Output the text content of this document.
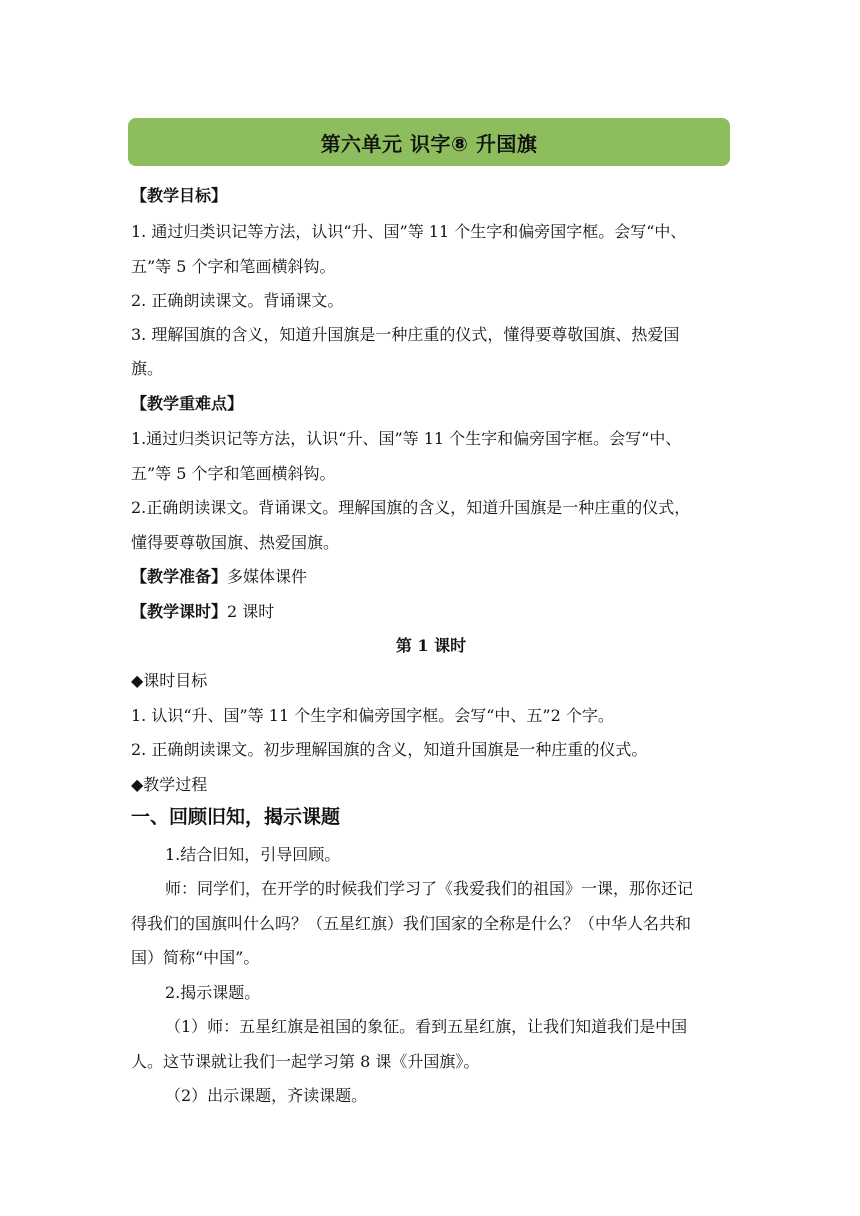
第六单元 识字⑧ 升国旗
【教学目标】
1. 通过归类识记等方法，认识“升、国”等 11 个生字和偏旁国字框。会写“中、
五”等 5 个字和笔画横斜钩。
2. 正确朗读课文。背诵课文。
3. 理解国旗的含义，知道升国旗是一种庄重的仪式，懂得要尊敬国旗、热爱国
旗。
【教学重难点】
1.通过归类识记等方法，认识“升、国”等 11 个生字和偏旁国字框。会写“中、
五”等 5 个字和笔画横斜钩。
2.正确朗读课文。背诵课文。理解国旗的含义，知道升国旗是一种庄重的仪式，
懂得要尊敬国旗、热爱国旗。
【教学准备】多媒体课件
【教学课时】2 课时
第 1 课时
◆课时目标
1. 认识“升、国”等 11 个生字和偏旁国字框。会写“中、五”2 个字。
2. 正确朗读课文。初步理解国旗的含义，知道升国旗是一种庄重的仪式。
◆教学过程
一、回顾旧知，揭示课题
1.结合旧知，引导回顾。
师：同学们，在开学的时候我们学习了《我爱我们的祖国》一课，那你还记
得我们的国旗叫什么吗？（五星红旗）我们国家的全称是什么？（中华人名共和
国）简称“中国”。
2.揭示课题。
（1）师：五星红旗是祖国的象征。看到五星红旗，让我们知道我们是中国
人。这节课就让我们一起学习第 8 课《升国旗》。
（2）出示课题，齐读课题。
